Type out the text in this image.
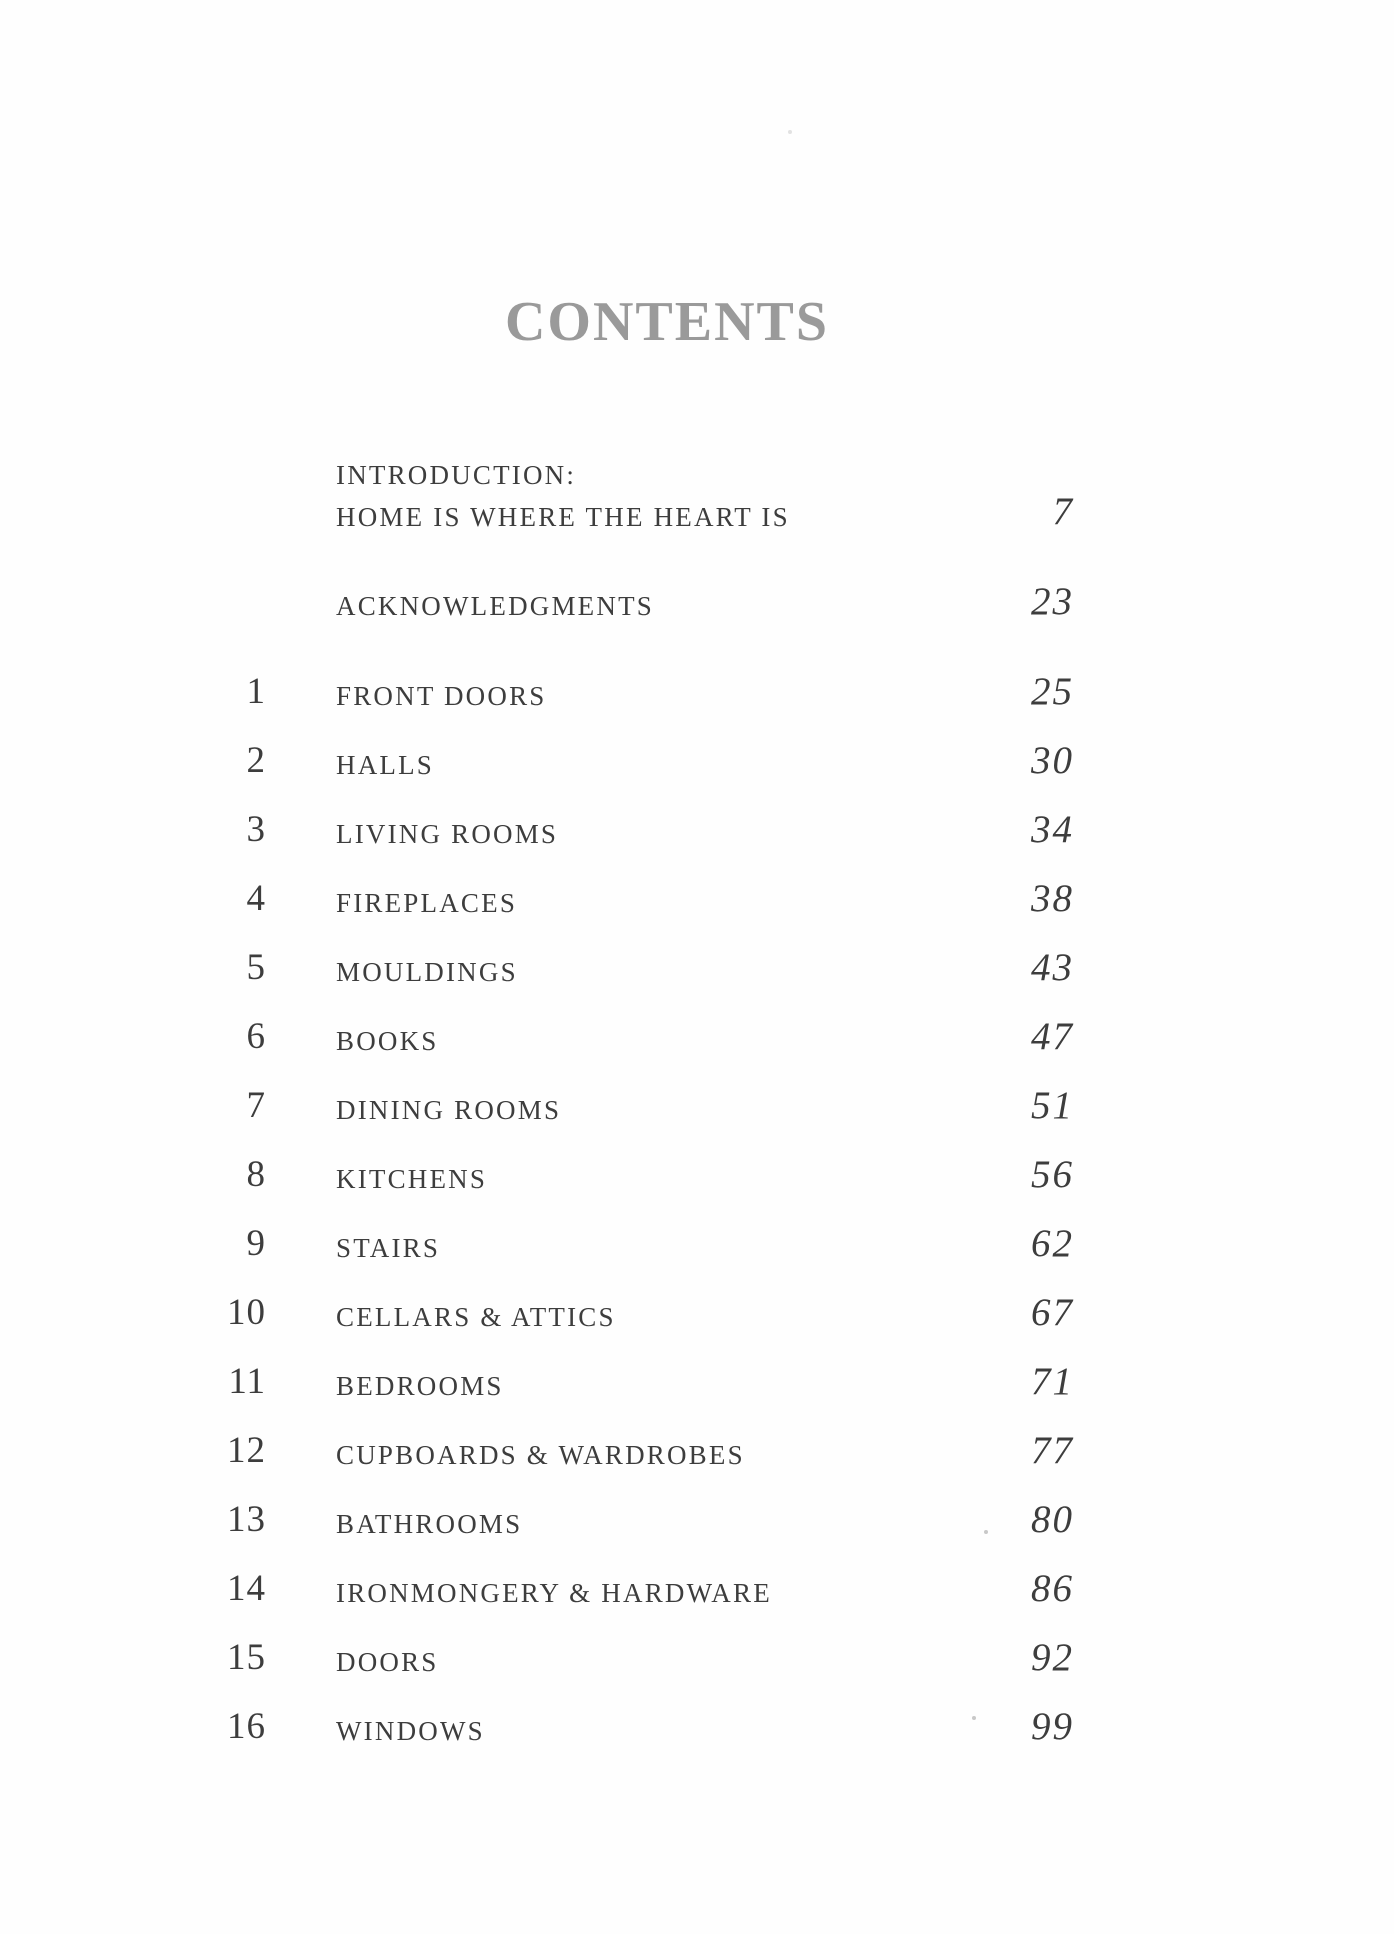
CONTENTS
INTRODUCTION:
HOME IS WHERE THE HEART IS	7
ACKNOWLEDGMENTS	23
1	FRONT DOORS	25
2	HALLS	30
3	LIVING ROOMS	34
4	FIREPLACES	38
5	MOULDINGS	43
6	BOOKS	47
7	DINING ROOMS	51
8	KITCHENS	56
9	STAIRS	62
10	CELLARS & ATTICS	67
11	BEDROOMS	71
12	CUPBOARDS & WARDROBES	77
13	BATHROOMS	80
14	IRONMONGERY & HARDWARE	86
15	DOORS	92
16	WINDOWS	99
